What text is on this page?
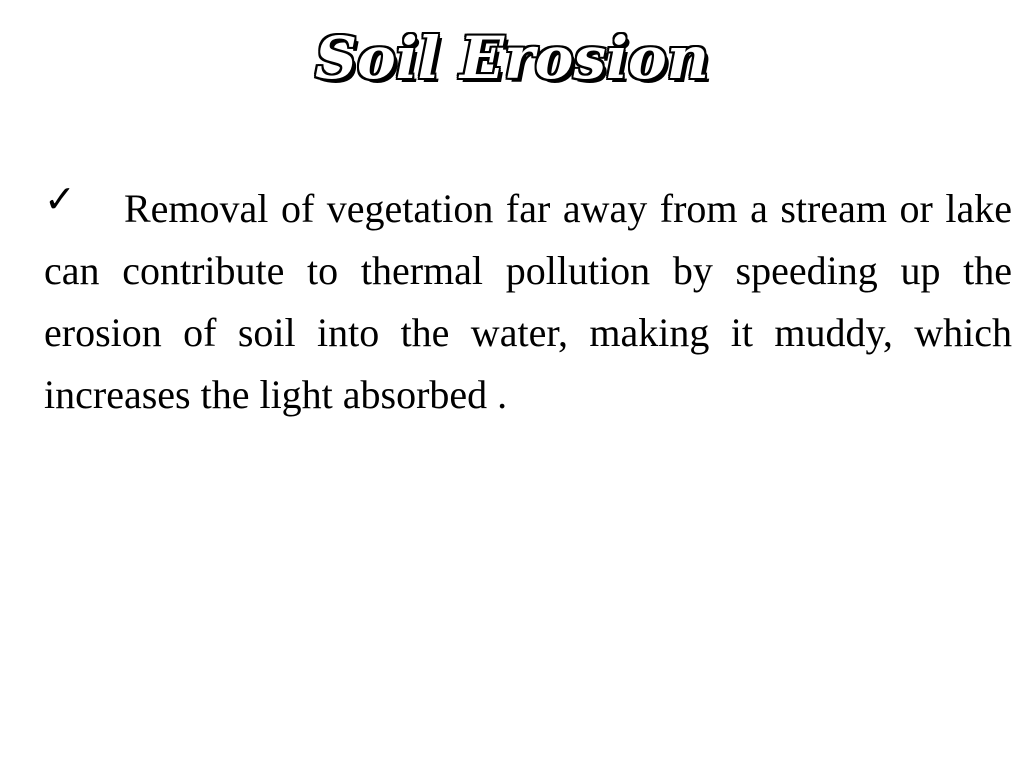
Soil Erosion

✓ Removal of vegetation far away from a stream or lake can contribute to thermal pollution by speeding up the erosion of soil into the water, making it muddy, which increases the light absorbed .
